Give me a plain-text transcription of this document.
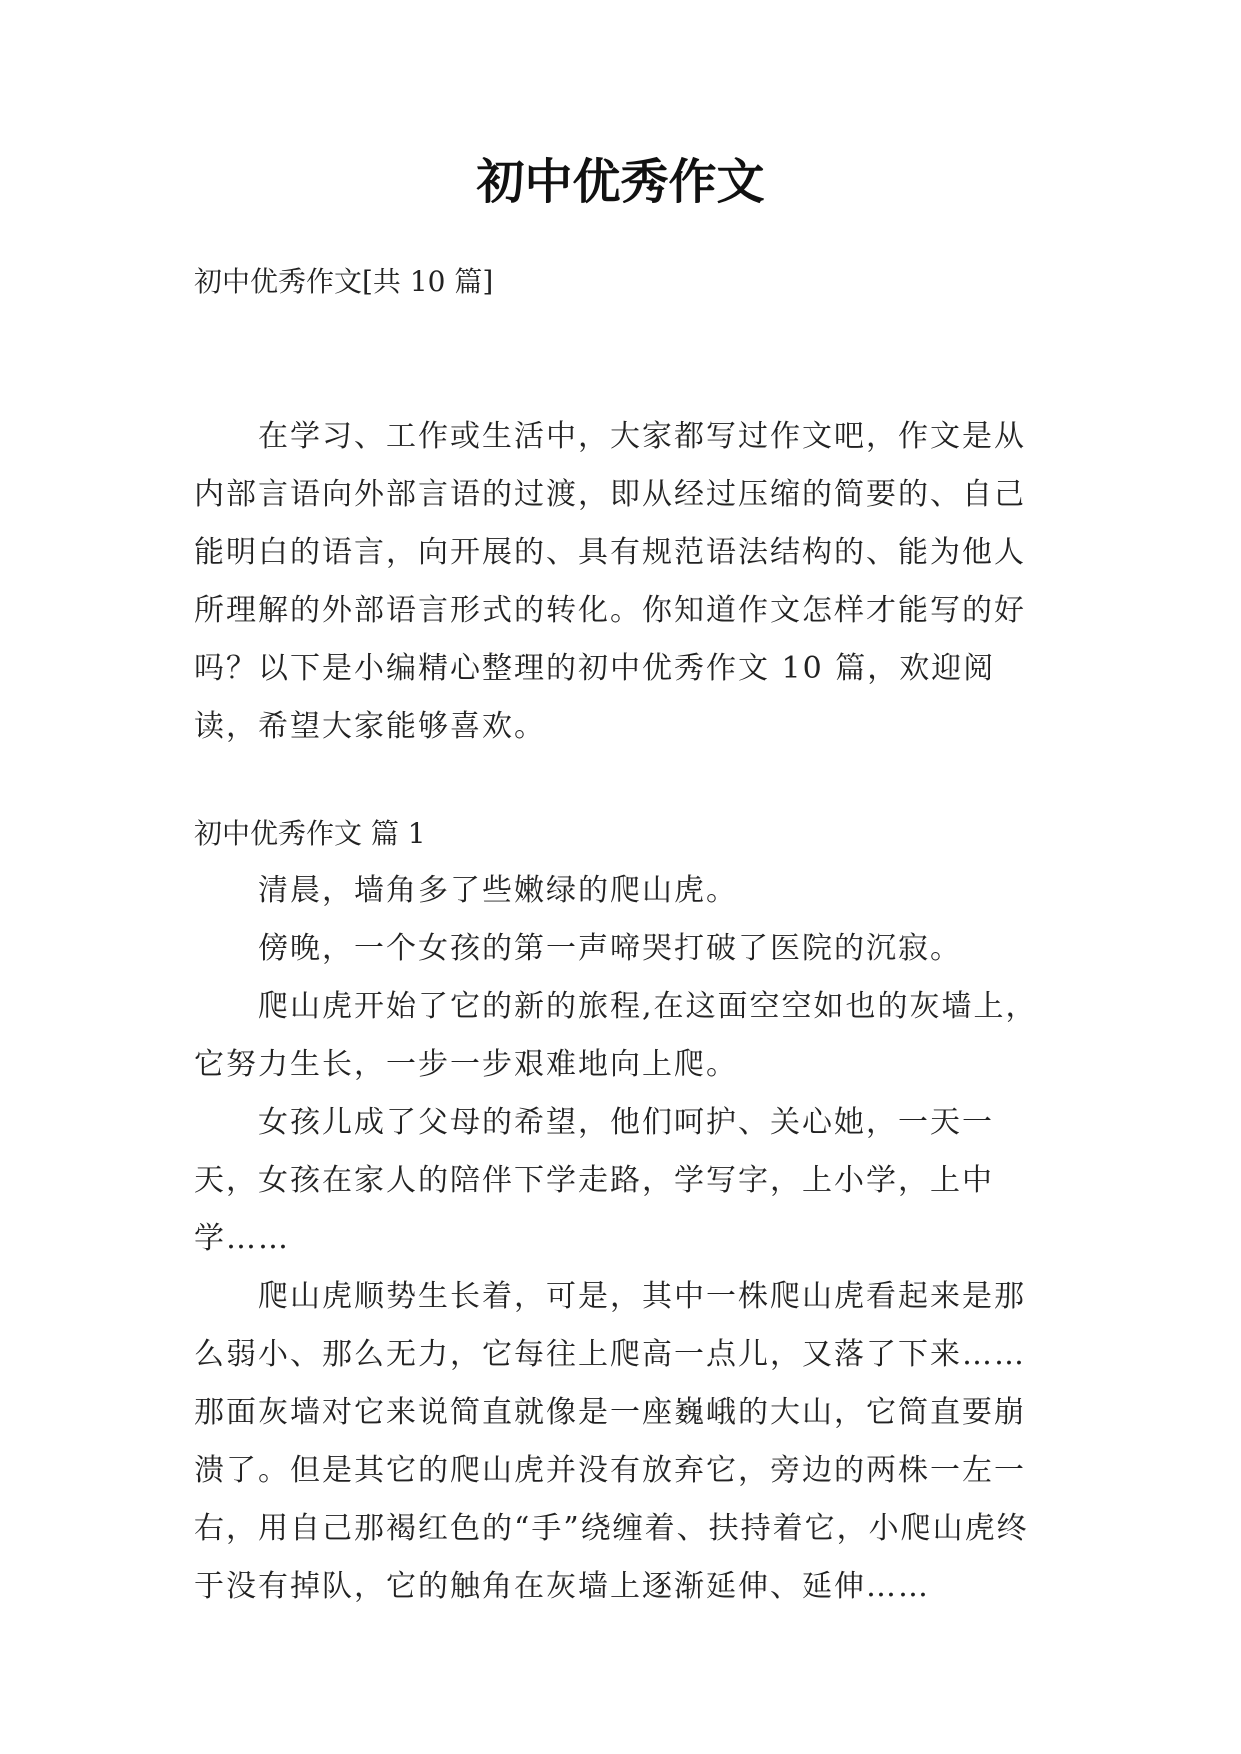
初中优秀作文

初中优秀作文[共 10 篇]

在学习、工作或生活中，大家都写过作文吧，作文是从内部言语向外部言语的过渡，即从经过压缩的简要的、自己能明白的语言，向开展的、具有规范语法结构的、能为他人所理解的外部语言形式的转化。你知道作文怎样才能写的好吗？以下是小编精心整理的初中优秀作文 10 篇，欢迎阅读，希望大家能够喜欢。

初中优秀作文 篇 1

清晨，墙角多了些嫩绿的爬山虎。

傍晚，一个女孩的第一声啼哭打破了医院的沉寂。

爬山虎开始了它的新的旅程,在这面空空如也的灰墙上，它努力生长，一步一步艰难地向上爬。

女孩儿成了父母的希望，他们呵护、关心她，一天一天，女孩在家人的陪伴下学走路，学写字，上小学，上中学……

爬山虎顺势生长着，可是，其中一株爬山虎看起来是那么弱小、那么无力，它每往上爬高一点儿，又落了下来……那面灰墙对它来说简直就像是一座巍峨的大山，它简直要崩溃了。但是其它的爬山虎并没有放弃它，旁边的两株一左一右，用自己那褐红色的“手”绕缠着、扶持着它，小爬山虎终于没有掉队，它的触角在灰墙上逐渐延伸、延伸……
